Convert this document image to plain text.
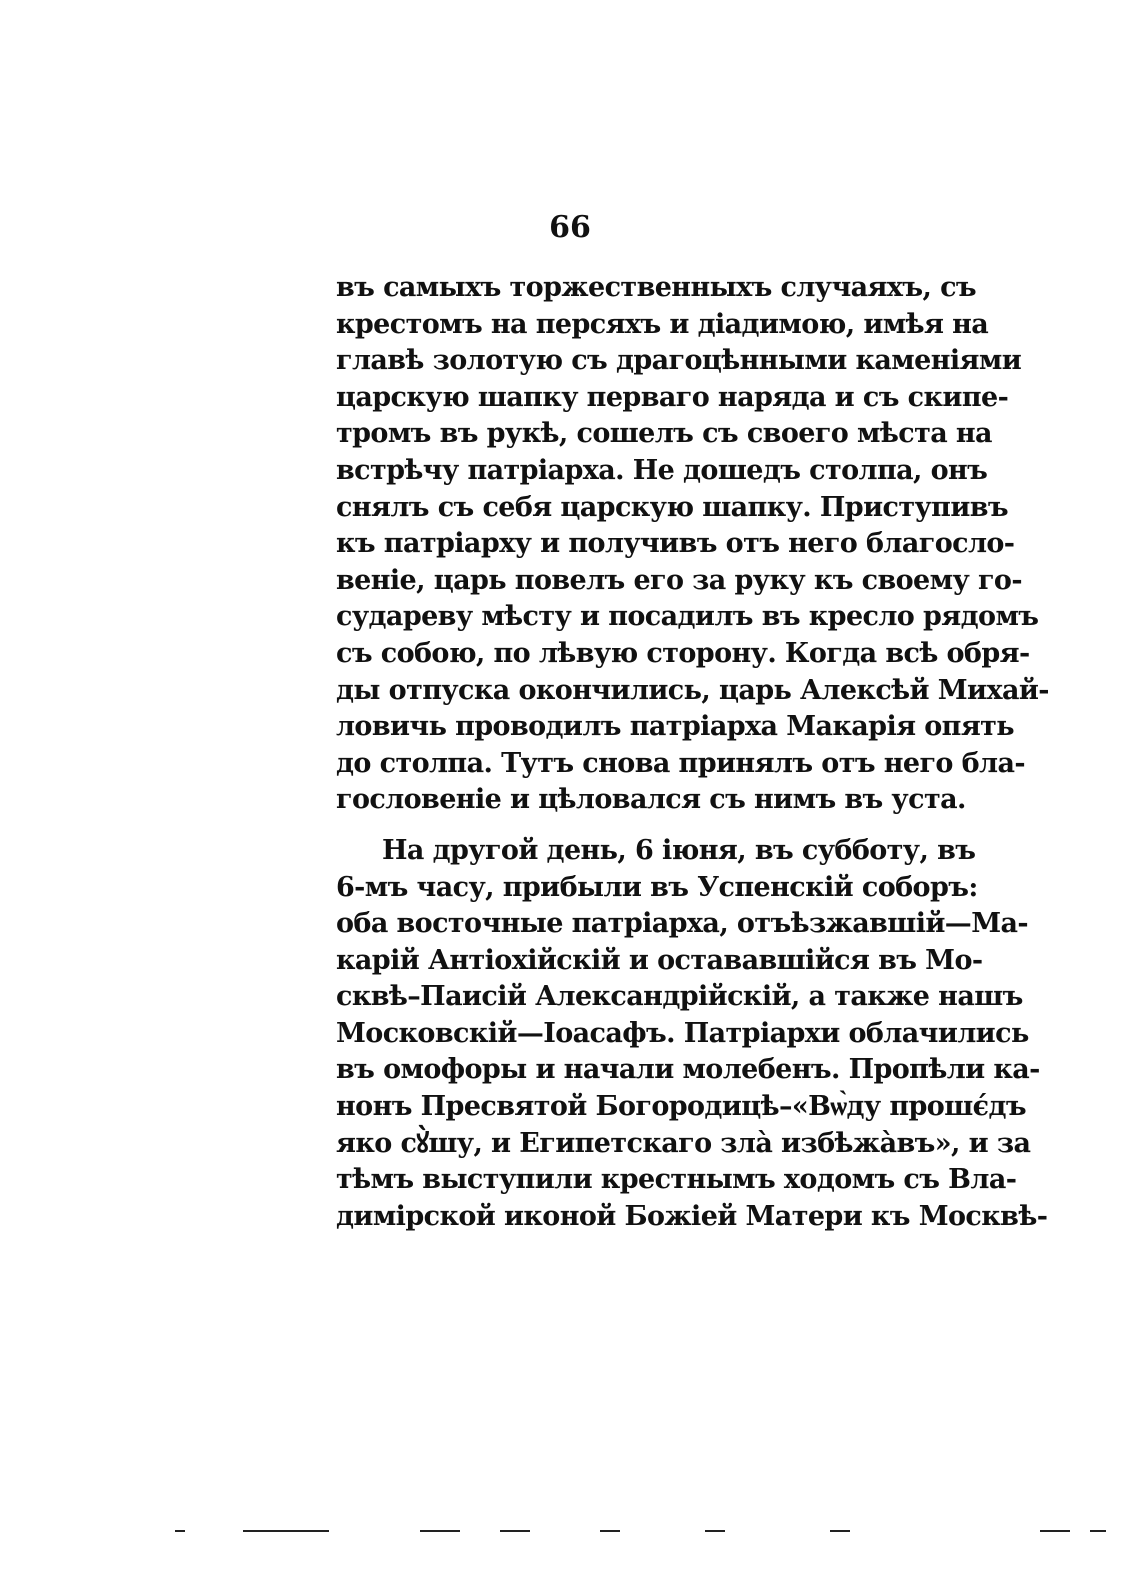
66
въ самыхъ торжественныхъ случаяхъ, съ
крестомъ на персяхъ и діадимою, имѣя на
главѣ золотую съ драгоцѣнными каменіями
царскую шапку перваго наряда и съ скипе-
тромъ въ рукѣ, сошелъ съ своего мѣста на
встрѣчу патріарха. Не дошедъ столпа, онъ
снялъ съ себя царскую шапку. Приступивъ
къ патріарху и получивъ отъ него благосло-
веніе, царь повелъ его за руку къ своему го-
судареву мѣсту и посадилъ въ кресло рядомъ
съ собою, по лѣвую сторону. Когда всѣ обря-
ды отпуска окончились, царь Алексѣй Михай-
ловичь проводилъ патріарха Макарія опять
до столпа. Тутъ снова принялъ отъ него бла-
гословеніе и цѣловался съ нимъ въ уста.
На другой день, 6 іюня, въ субботу, въ
6-мъ часу, прибыли въ Успенскій соборъ:
оба восточные патріарха, отъѣзжавшій—Ма-
карій Антіохійскій и остававшійся въ Мо-
сквѣ–Паисій Александрійскій, а также нашъ
Московскій—Іоасафъ. Патріархи облачились
въ омофоры и начали молебенъ. Пропѣли ка-
нонъ Пресвятой Богородицѣ–«Вѡ̀ду прошє́дъ
яко сꙋ̀шу, и Египетскаго зла̀ избѣжа̀въ», и за
тѣмъ выступили крестнымъ ходомъ съ Вла-
димірской иконой Божіей Матери къ Москвѣ-
